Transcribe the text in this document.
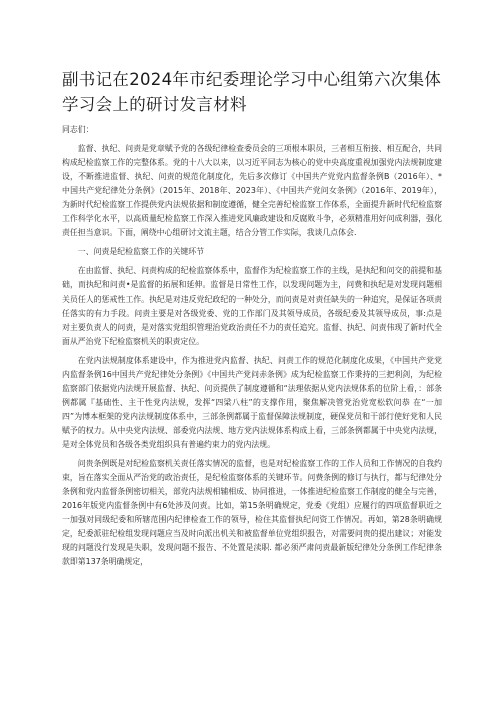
副书记在2024年市纪委理论学习中心组第六次集体学习会上的研讨发言材料

同志们：

监督、执纪、问责是党章赋予党的各级纪律检查委员会的三项根本职员，三者相互衔接、相互配合，共同构成纪检监察工作的完整体系。党的十八大以来，以习近平同志为核心的党中央高度重视加强党内法规制度建设，不断推进监督、执纪、问责的规范化制度化，先后多次修订《中国共产党党内监督条例B（2016年）、*中国共产党纪律处分条例》（2015年、2018年、2023年）、《中国共产党问女条例》（2016年、2019年），为新时代纪检监察工作提供党内法规依据和制度遵循，健全完善纪检监察工作体系，全面提升新时代纪检监察工作科学化水平，以高质量纪检监察工作深入推进党风廉政建设和反腐败斗争，必须精准用好问成利器，强化责任担当意识。下面，阐绕中心组研讨文流主题，结合分管工作实际，我谈几点体会.

一、问责是纪检监察工作的关键环节

在由监督、执纪、问责构成的纪检监察体系中，监督作为纪检监察工作的主线，是执纪和问交的前提和基础，而执纪和问责•是监督的拓展和延伸。监督是日常性工作，以发现问题为主，问费和执纪是对发现问题相关员任人的惩戒性工作。执纪是对违反党纪政纪的一种处分，而问责是对责任缺失的一种追究，是保证各项责任落实的有力手段。问责主要是对各级党委、党的工作部门及其领导成员，各级纪委及其领导成员，事:点是对主要负责人的问责，是对落实党组织管理治党政治责任不力的责任追究。监督、执纪、问责伟现了新时代全面从严治党下纪检监察机关的职责定位。

在党内法规制度体系建设中，作为推进党内监督、执纪、问责工作的规范化制度化成果，《中国共产党党内监督条例16中国共产党纪律处分条例》《中国共产党问赤条例》成为纪检监察工作秉持的三把利剑，为纪检监察部门依据党内法规开展监督、执纪、问贡提供了制度遵循和“法理依据从党内法规体系的位阶上看，：部条例都属『基础性、主干性党内法规，发挥“四梁八柱”的支撑作用，聚焦解决管党治党宽松软问恭 在“一加四”为博本框架的党内法规制度体系中，三部条例都属于监督保障法规制度，硬保党员和干部行使好党和人民赋予的权力。从中央党内法规、部委党内法规、地方党内法规体系构成上看，三部条例都属于中央党内法规，是对全体党员和各级各类党组织具有普遍约束力的党内法规。

问贵条例既是对纪检监察机关责任落实情况的监督，也是对纪检监察工作的工作人员和工作情况的自我约束，旨在落实全面从严治党的政治责任，是纪检监察体系的关键环节。问费条例的修订与执行，都与纪律处分条例和党内监督条例密切相关，部党内法规相辅相成、协同推进，一体推进纪检监察工作制度的健全与完善，2016年版党内监督条例中有6处涉及问责。比如，第15条明确规定，党委《党组）应履行的四项监督职近之一加强对同级纪委和所辖范围内纪律检查工作的领导，检住其监督执纪问资工作情况。再如，第28条明确规定，纪委派驻纪检组发现问题应当及时向派出机关和被监督单位党组织报告，对需要问贵的提出建议；对能发现的问题没行发现是失职，发现问题不报告、不处置是渎职. 都必须严肃问责最新版纪律处分条例工作纪律条款即第137条明确规定，
